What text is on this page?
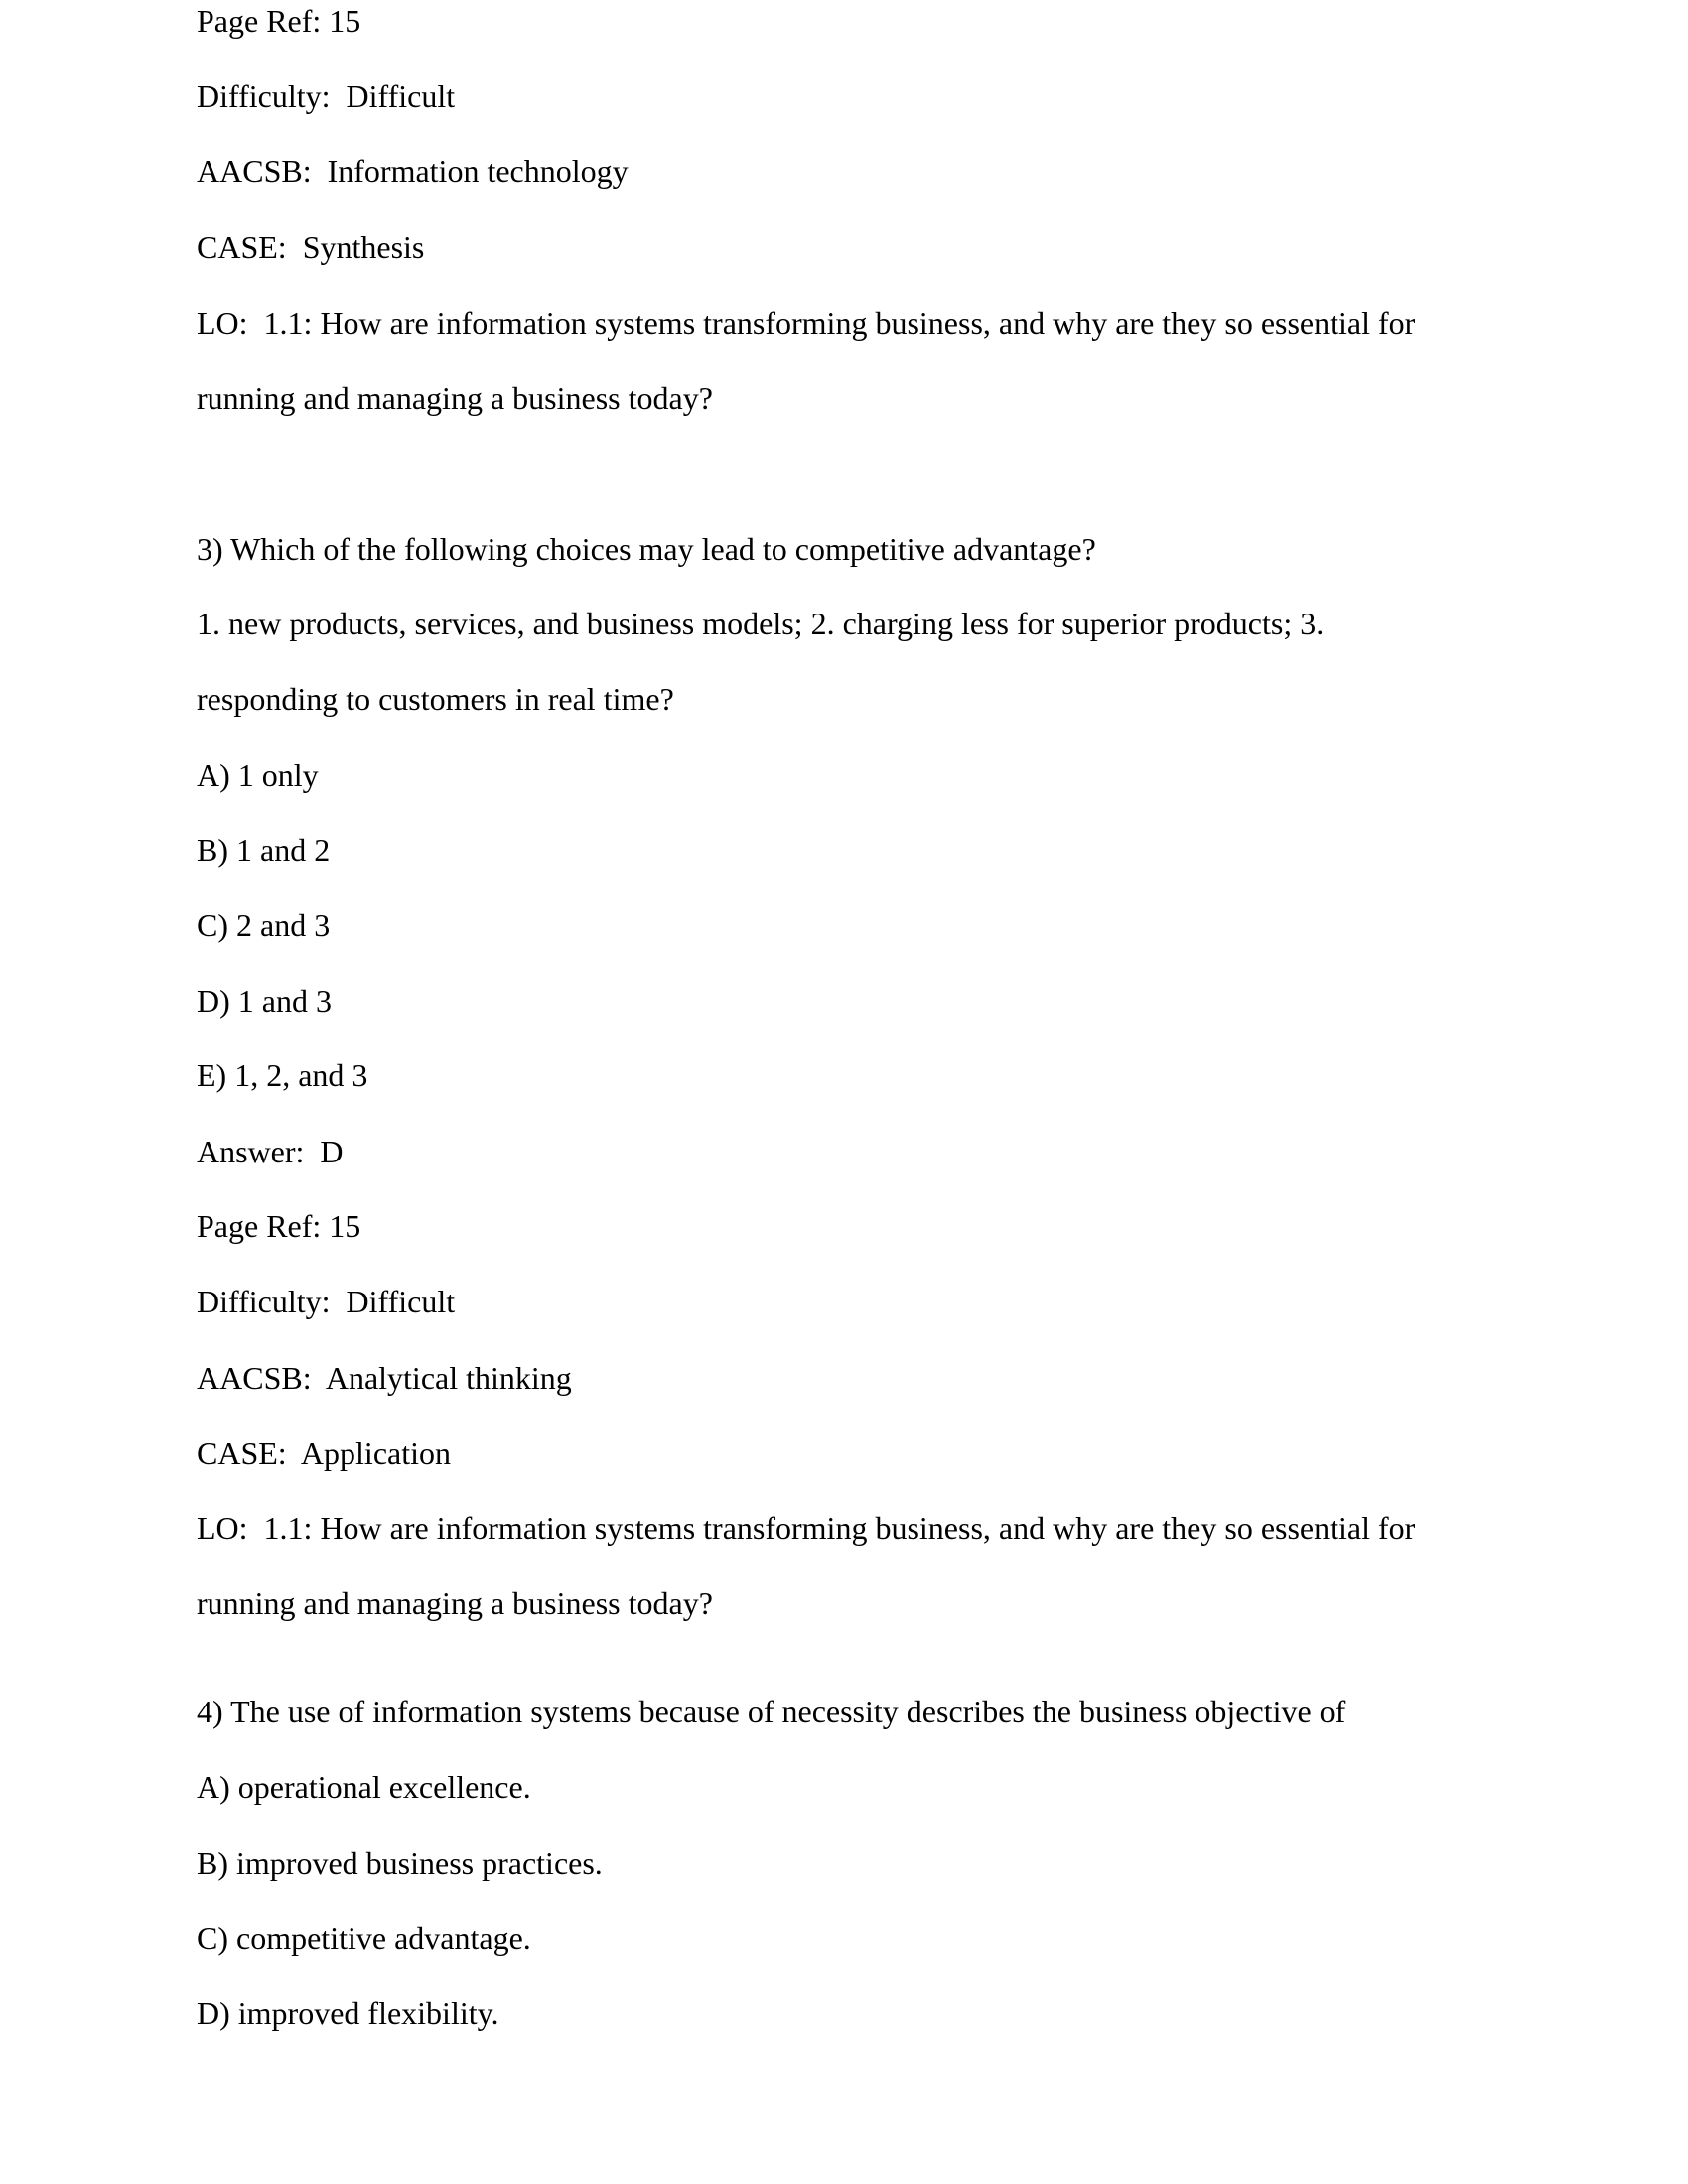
Page Ref: 15
Difficulty:  Difficult
AACSB:  Information technology
CASE:  Synthesis
LO:  1.1: How are information systems transforming business, and why are they so essential for
running and managing a business today?
3) Which of the following choices may lead to competitive advantage?
1. new products, services, and business models; 2. charging less for superior products; 3.
responding to customers in real time?
A) 1 only
B) 1 and 2
C) 2 and 3
D) 1 and 3
E) 1, 2, and 3
Answer:  D
Page Ref: 15
Difficulty:  Difficult
AACSB:  Analytical thinking
CASE:  Application
LO:  1.1: How are information systems transforming business, and why are they so essential for
running and managing a business today?
4) The use of information systems because of necessity describes the business objective of
A) operational excellence.
B) improved business practices.
C) competitive advantage.
D) improved flexibility.
